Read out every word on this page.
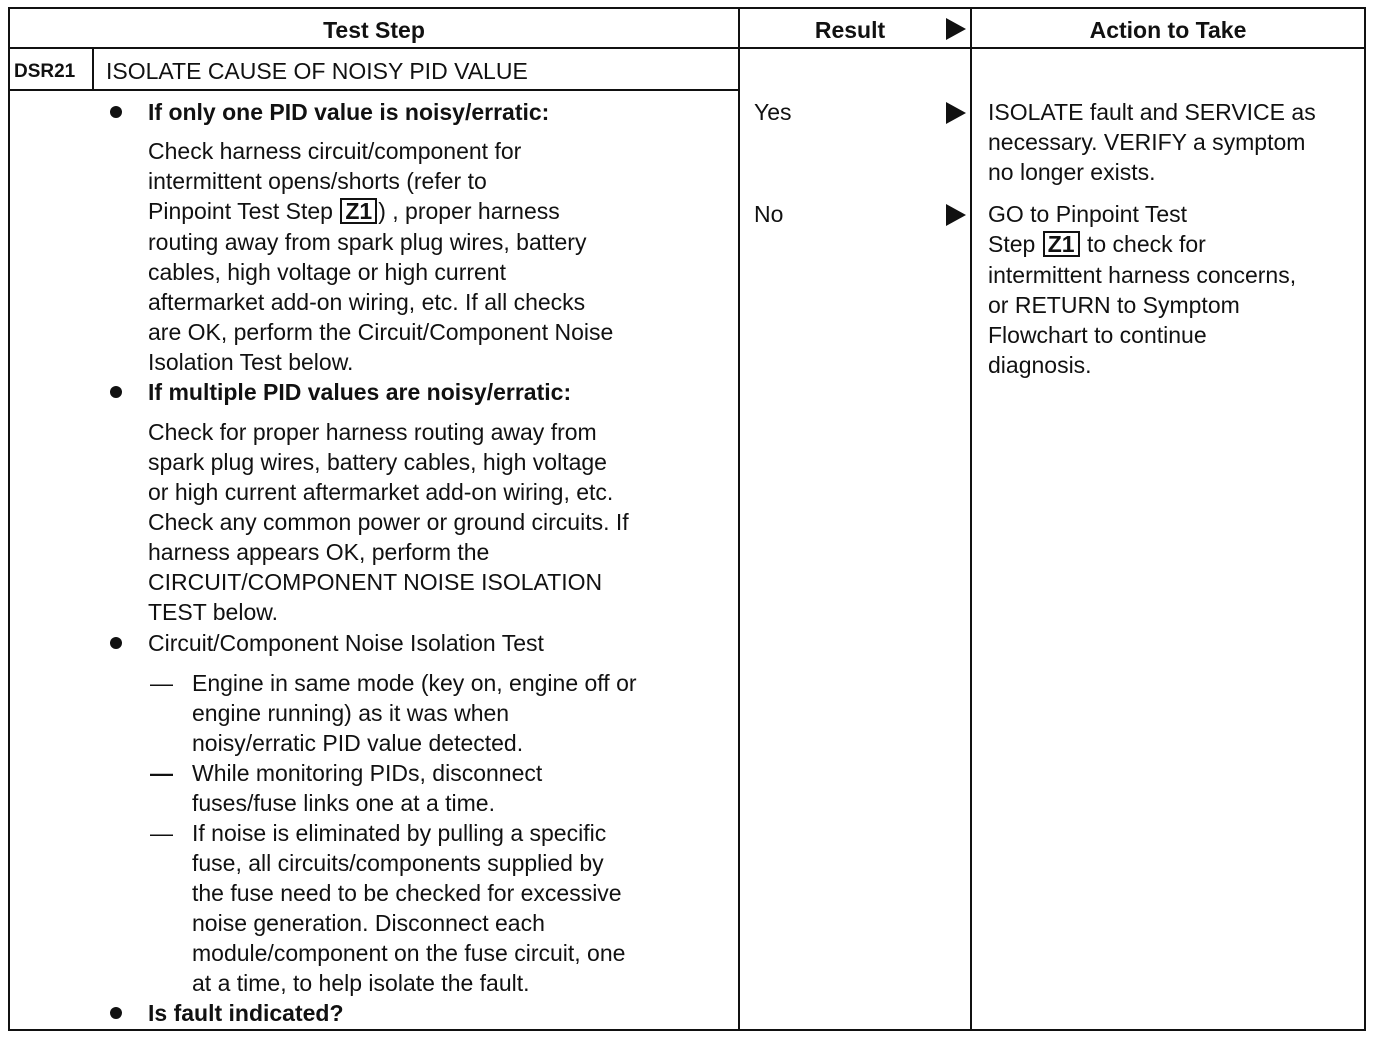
Test Step	Result	Action to Take
DSR21 ISOLATE CAUSE OF NOISY PID VALUE
If only one PID value is noisy/erratic:
Check harness circuit/component for
intermittent opens/shorts (refer to
Pinpoint Test Step Z1 ) , proper harness
routing away from spark plug wires, battery
cables, high voltage or high current
aftermarket add-on wiring, etc. If all checks
are OK, perform the Circuit/Component Noise
Isolation Test below.
If multiple PID values are noisy/erratic:
Check for proper harness routing away from
spark plug wires, battery cables, high voltage
or high current aftermarket add-on wiring, etc.
Check any common power or ground circuits. If
harness appears OK, perform the
CIRCUIT/COMPONENT NOISE ISOLATION
TEST below.
Circuit/Component Noise Isolation Test
— Engine in same mode (key on, engine off or
engine running) as it was when
noisy/erratic PID value detected.
— While monitoring PIDs, disconnect
fuses/fuse links one at a time.
— If noise is eliminated by pulling a specific
fuse, all circuits/components supplied by
the fuse need to be checked for excessive
noise generation. Disconnect each
module/component on the fuse circuit, one
at a time, to help isolate the fault.
Is fault indicated?
Yes
No
ISOLATE fault and SERVICE as
necessary. VERIFY a symptom
no longer exists.
GO to Pinpoint Test
Step Z1 to check for
intermittent harness concerns,
or RETURN to Symptom
Flowchart to continue
diagnosis.
